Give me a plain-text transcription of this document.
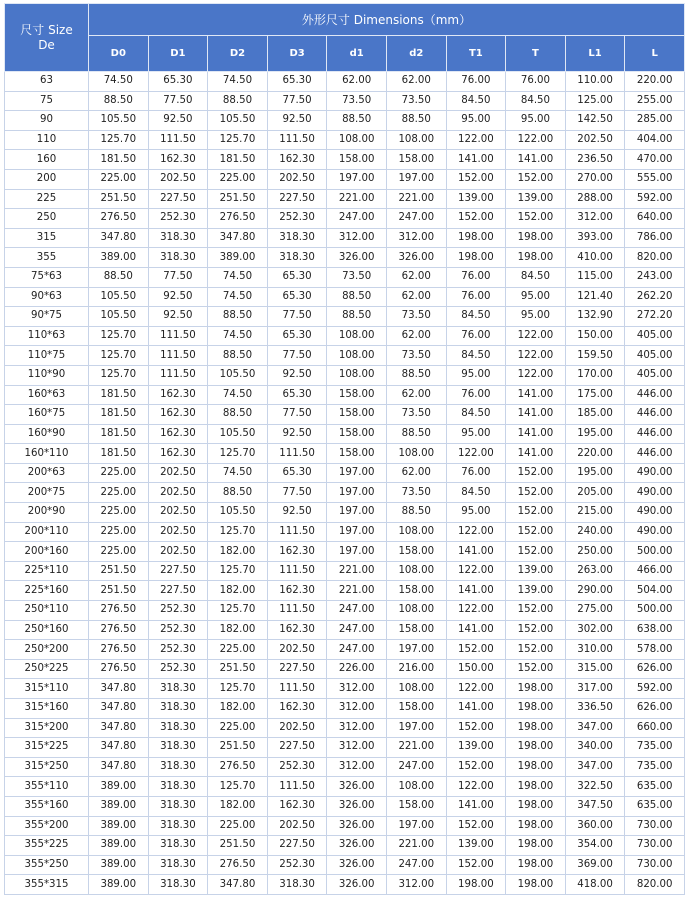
尺寸 Size
De	外形尺寸 Dimensions（mm）									
	D0	D1	D2	D3	d1	d2	T1	T	L1	L
63	74.50	65.30	74.50	65.30	62.00	62.00	76.00	76.00	110.00	220.00
75	88.50	77.50	88.50	77.50	73.50	73.50	84.50	84.50	125.00	255.00
90	105.50	92.50	105.50	92.50	88.50	88.50	95.00	95.00	142.50	285.00
110	125.70	111.50	125.70	111.50	108.00	108.00	122.00	122.00	202.50	404.00
160	181.50	162.30	181.50	162.30	158.00	158.00	141.00	141.00	236.50	470.00
200	225.00	202.50	225.00	202.50	197.00	197.00	152.00	152.00	270.00	555.00
225	251.50	227.50	251.50	227.50	221.00	221.00	139.00	139.00	288.00	592.00
250	276.50	252.30	276.50	252.30	247.00	247.00	152.00	152.00	312.00	640.00
315	347.80	318.30	347.80	318.30	312.00	312.00	198.00	198.00	393.00	786.00
355	389.00	318.30	389.00	318.30	326.00	326.00	198.00	198.00	410.00	820.00
75*63	88.50	77.50	74.50	65.30	73.50	62.00	76.00	84.50	115.00	243.00
90*63	105.50	92.50	74.50	65.30	88.50	62.00	76.00	95.00	121.40	262.20
90*75	105.50	92.50	88.50	77.50	88.50	73.50	84.50	95.00	132.90	272.20
110*63	125.70	111.50	74.50	65.30	108.00	62.00	76.00	122.00	150.00	405.00
110*75	125.70	111.50	88.50	77.50	108.00	73.50	84.50	122.00	159.50	405.00
110*90	125.70	111.50	105.50	92.50	108.00	88.50	95.00	122.00	170.00	405.00
160*63	181.50	162.30	74.50	65.30	158.00	62.00	76.00	141.00	175.00	446.00
160*75	181.50	162.30	88.50	77.50	158.00	73.50	84.50	141.00	185.00	446.00
160*90	181.50	162.30	105.50	92.50	158.00	88.50	95.00	141.00	195.00	446.00
160*110	181.50	162.30	125.70	111.50	158.00	108.00	122.00	141.00	220.00	446.00
200*63	225.00	202.50	74.50	65.30	197.00	62.00	76.00	152.00	195.00	490.00
200*75	225.00	202.50	88.50	77.50	197.00	73.50	84.50	152.00	205.00	490.00
200*90	225.00	202.50	105.50	92.50	197.00	88.50	95.00	152.00	215.00	490.00
200*110	225.00	202.50	125.70	111.50	197.00	108.00	122.00	152.00	240.00	490.00
200*160	225.00	202.50	182.00	162.30	197.00	158.00	141.00	152.00	250.00	500.00
225*110	251.50	227.50	125.70	111.50	221.00	108.00	122.00	139.00	263.00	466.00
225*160	251.50	227.50	182.00	162.30	221.00	158.00	141.00	139.00	290.00	504.00
250*110	276.50	252.30	125.70	111.50	247.00	108.00	122.00	152.00	275.00	500.00
250*160	276.50	252.30	182.00	162.30	247.00	158.00	141.00	152.00	302.00	638.00
250*200	276.50	252.30	225.00	202.50	247.00	197.00	152.00	152.00	310.00	578.00
250*225	276.50	252.30	251.50	227.50	226.00	216.00	150.00	152.00	315.00	626.00
315*110	347.80	318.30	125.70	111.50	312.00	108.00	122.00	198.00	317.00	592.00
315*160	347.80	318.30	182.00	162.30	312.00	158.00	141.00	198.00	336.50	626.00
315*200	347.80	318.30	225.00	202.50	312.00	197.00	152.00	198.00	347.00	660.00
315*225	347.80	318.30	251.50	227.50	312.00	221.00	139.00	198.00	340.00	735.00
315*250	347.80	318.30	276.50	252.30	312.00	247.00	152.00	198.00	347.00	735.00
355*110	389.00	318.30	125.70	111.50	326.00	108.00	122.00	198.00	322.50	635.00
355*160	389.00	318.30	182.00	162.30	326.00	158.00	141.00	198.00	347.50	635.00
355*200	389.00	318.30	225.00	202.50	326.00	197.00	152.00	198.00	360.00	730.00
355*225	389.00	318.30	251.50	227.50	326.00	221.00	139.00	198.00	354.00	730.00
355*250	389.00	318.30	276.50	252.30	326.00	247.00	152.00	198.00	369.00	730.00
355*315	389.00	318.30	347.80	318.30	326.00	312.00	198.00	198.00	418.00	820.00
